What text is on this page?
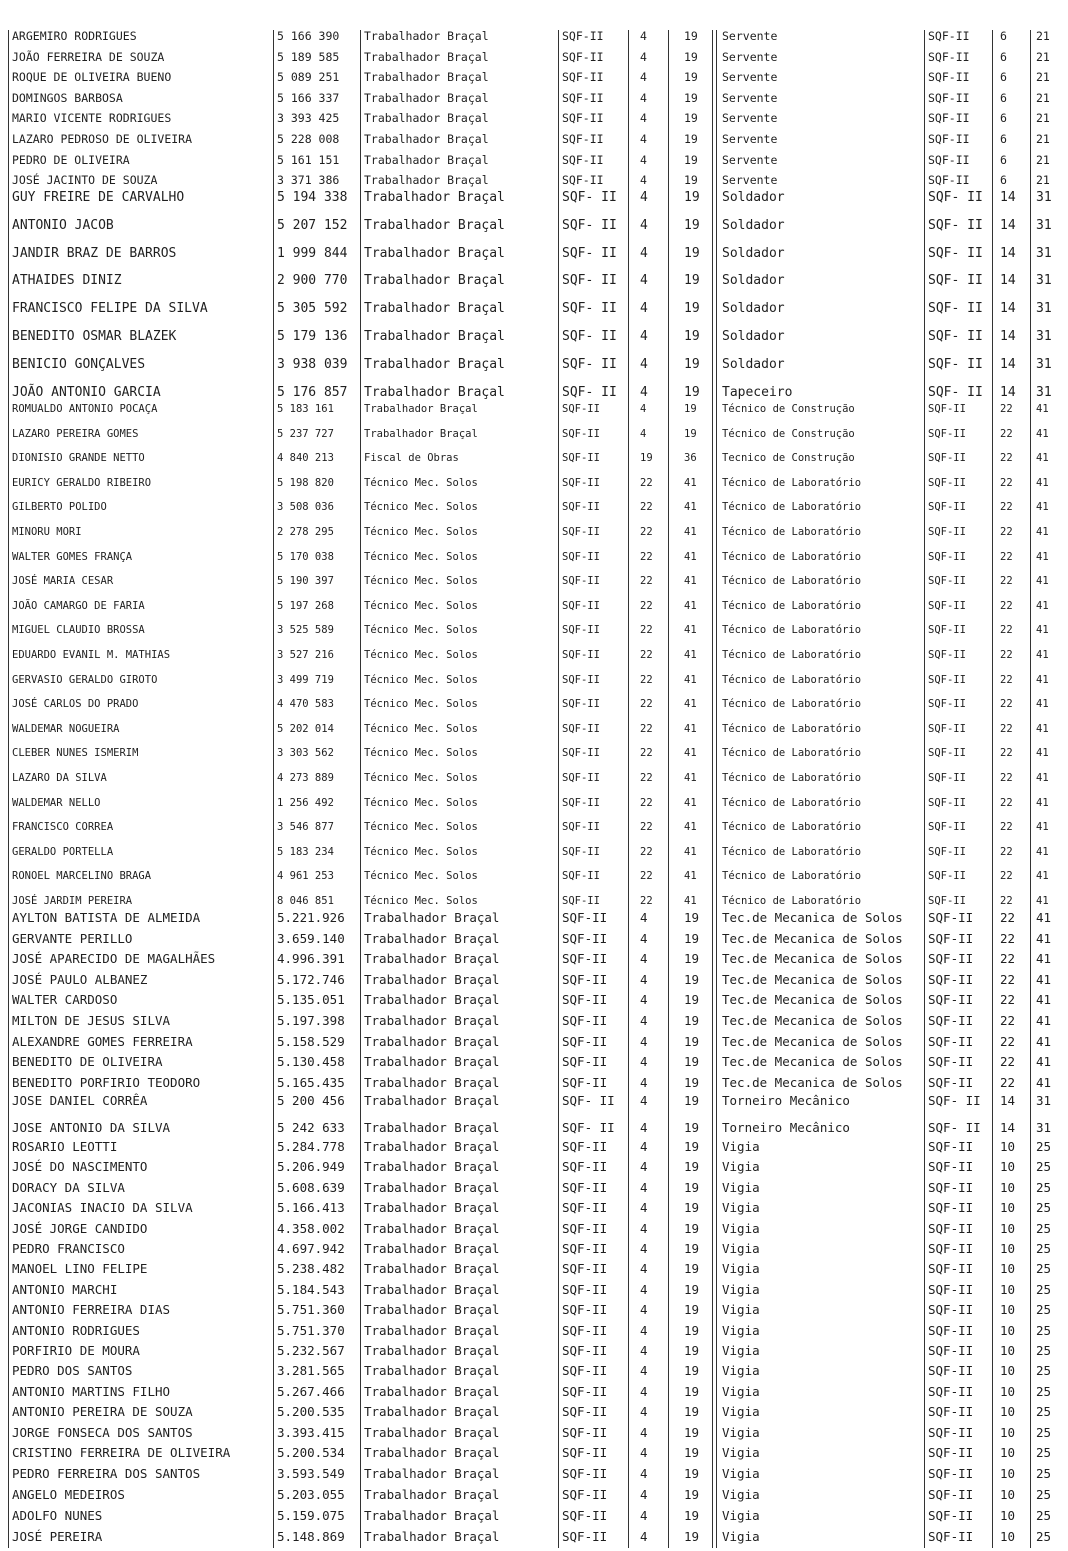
ARGEMIRO RODRIGUES	5 166 390 Trabalhador Braçal	SQF-II	4	19 Servente	SQF-II	6	21
JOÃO FERREIRA DE SOUZA	5 189 585 Trabalhador Braçal	SQF-II	4	19 Servente	SQF-II	6	21
ROQUE DE OLIVEIRA BUENO	5 089 251 Trabalhador Braçal	SQF-II	4	19 Servente	SQF-II	6	21
DOMINGOS BARBOSA	5 166 337 Trabalhador Braçal	SQF-II	4	19 Servente	SQF-II	6	21
MARIO VICENTE RODRIGUES	3 393 425 Trabalhador Braçal	SQF-II	4	19 Servente	SQF-II	6	21
LAZARO PEDROSO DE OLIVEIRA	5 228 008 Trabalhador Braçal	SQF-II	4	19 Servente	SQF-II	6	21
PEDRO DE OLIVEIRA	5 161 151 Trabalhador Braçal	SQF-II	4	19 Servente	SQF-II	6	21
JOSÉ JACINTO DE SOUZA	3 371 386 Trabalhador Braçal	SQF-II	4	19 Servente	SQF-II	6	21
GUY FREIRE DE CARVALHO	5 194 338 Trabalhador Braçal	SQF- II 4	19 Soldador	SQF- II 14 31
ANTONIO JACOB	5 207 152 Trabalhador Braçal	SQF- II 4	19 Soldador	SQF- II 14 31
JANDIR BRAZ DE BARROS	1 999 844 Trabalhador Braçal	SQF- II 4	19 Soldador	SQF- II 14 31
ATHAIDES DINIZ	2 900 770 Trabalhador Braçal	SQF- II 4	19 Soldador	SQF- II 14 31
FRANCISCO FELIPE DA SILVA	5 305 592 Trabalhador Braçal	SQF- II 4	19 Soldador	SQF- II 14 31
BENEDITO OSMAR BLAZEK	5 179 136 Trabalhador Braçal	SQF- II 4	19 Soldador	SQF- II 14 31
BENICIO GONÇALVES	3 938 039 Trabalhador Braçal	SQF- II 4	19 Soldador	SQF- II 14 31
JOÃO ANTONIO GARCIA	5 176 857 Trabalhador Braçal	SQF- II 4	19 Tapeceiro	SQF- II 14 31
ROMUALDO ANTONIO POCAÇA	5 183 161	Trabalhador Braçal	SQF-II	4	19 Técnico de Construção	SQF-II	22 41
LAZARO PEREIRA GOMES	5 237 727	Trabalhador Braçal	SQF-II	4	19 Técnico de Construção	SQF-II	22 41
DIONISIO GRANDE NETTO	4 840 213	Fiscal de Obras	SQF-II	19	36 Tecnico de Construção	SQF-II	22 41
EURICY GERALDO RIBEIRO	5 198 820	Técnico Mec. Solos	SQF-II	22	41 Técnico de Laboratório	SQF-II	22 41
GILBERTO POLIDO	3 508 036	Técnico Mec. Solos	SQF-II	22	41 Técnico de Laboratório	SQF-II	22 41
MINORU MORI	2 278 295	Técnico Mec. Solos	SQF-II	22	41 Técnico de Laboratório	SQF-II	22 41
WALTER GOMES FRANÇA	5 170 038	Técnico Mec. Solos	SQF-II	22	41 Técnico de Laboratório	SQF-II	22 41
JOSÉ MARIA CESAR	5 190 397	Técnico Mec. Solos	SQF-II	22	41 Técnico de Laboratório	SQF-II	22 41
JOÃO CAMARGO DE FARIA	5 197 268	Técnico Mec. Solos	SQF-II	22	41 Técnico de Laboratório	SQF-II	22 41
MIGUEL CLAUDIO BROSSA	3 525 589	Técnico Mec. Solos	SQF-II	22	41 Técnico de Laboratório	SQF-II	22 41
EDUARDO EVANIL M. MATHIAS	3 527 216	Técnico Mec. Solos	SQF-II	22	41 Técnico de Laboratório	SQF-II	22 41
GERVASIO GERALDO GIROTO	3 499 719	Técnico Mec. Solos	SQF-II	22	41 Técnico de Laboratório	SQF-II	22 41
JOSÉ CARLOS DO PRADO	4 470 583	Técnico Mec. Solos	SQF-II	22	41 Técnico de Laboratório	SQF-II	22 41
WALDEMAR NOGUEIRA	5 202 014	Técnico Mec. Solos	SQF-II	22	41 Técnico de Laboratório	SQF-II	22 41
CLEBER NUNES ISMERIM	3 303 562	Técnico Mec. Solos	SQF-II	22	41 Técnico de Laboratório	SQF-II	22 41
LAZARO DA SILVA	4 273 889	Técnico Mec. Solos	SQF-II	22	41 Técnico de Laboratório	SQF-II	22 41
WALDEMAR NELLO	1 256 492	Técnico Mec. Solos	SQF-II	22	41 Técnico de Laboratório	SQF-II	22 41
FRANCISCO CORREA	3 546 877	Técnico Mec. Solos	SQF-II	22	41 Técnico de Laboratório	SQF-II	22 41
GERALDO PORTELLA	5 183 234	Técnico Mec. Solos	SQF-II	22	41 Técnico de Laboratório	SQF-II	22 41
RONOEL MARCELINO BRAGA	4 961 253	Técnico Mec. Solos	SQF-II	22	41 Técnico de Laboratório	SQF-II	22 41
JOSÉ JARDIM PEREIRA	8 046 851	Técnico Mec. Solos	SQF-II	22	41 Técnico de Laboratório	SQF-II	22 41
AYLTON BATISTA DE ALMEIDA	5.221.926 Trabalhador Braçal	SQF-II	4	19 Tec.de Mecanica de Solos SQF-II 22 41
GERVANTE PERILLO	3.659.140 Trabalhador Braçal	SQF-II	4	19 Tec.de Mecanica de Solos SQF-II 22 41
JOSÉ APARECIDO DE MAGALHÃES	4.996.391 Trabalhador Braçal	SQF-II	4	19 Tec.de Mecanica de Solos SQF-II 22 41
JOSÉ PAULO ALBANEZ	5.172.746 Trabalhador Braçal	SQF-II	4	19 Tec.de Mecanica de Solos SQF-II 22 41
WALTER CARDOSO	5.135.051 Trabalhador Braçal	SQF-II	4	19 Tec.de Mecanica de Solos SQF-II 22 41
MILTON DE JESUS SILVA	5.197.398 Trabalhador Braçal	SQF-II	4	19 Tec.de Mecanica de Solos SQF-II 22 41
ALEXANDRE GOMES FERREIRA	5.158.529 Trabalhador Braçal	SQF-II	4	19 Tec.de Mecanica de Solos SQF-II 22 41
BENEDITO DE OLIVEIRA	5.130.458 Trabalhador Braçal	SQF-II	4	19 Tec.de Mecanica de Solos SQF-II 22 41
BENEDITO PORFIRIO TEODORO	5.165.435 Trabalhador Braçal	SQF-II	4	19 Tec.de Mecanica de Solos SQF-II 22 41
JOSE DANIEL CORRÊA	5 200 456 Trabalhador Braçal	SQF- II 4	19 Torneiro Mecânico	SQF- II 14 31
JOSE ANTONIO DA SILVA	5 242 633 Trabalhador Braçal	SQF- II 4	19 Torneiro Mecânico	SQF- II 14 31
ROSARIO LEOTTI	5.284.778 Trabalhador Braçal	SQF-II	4	19 Vigia	SQF-II 10 25
JOSÉ DO NASCIMENTO	5.206.949 Trabalhador Braçal	SQF-II	4	19 Vigia	SQF-II 10 25
DORACY DA SILVA	5.608.639 Trabalhador Braçal	SQF-II	4	19 Vigia	SQF-II 10 25
JACONIAS INACIO DA SILVA	5.166.413 Trabalhador Braçal	SQF-II	4	19 Vigia	SQF-II 10 25
JOSÉ JORGE CANDIDO	4.358.002 Trabalhador Braçal	SQF-II	4	19 Vigia	SQF-II 10 25
PEDRO FRANCISCO	4.697.942 Trabalhador Braçal	SQF-II	4	19 Vigia	SQF-II 10 25
MANOEL LINO FELIPE	5.238.482 Trabalhador Braçal	SQF-II	4	19 Vigia	SQF-II 10 25
ANTONIO MARCHI	5.184.543 Trabalhador Braçal	SQF-II	4	19 Vigia	SQF-II 10 25
ANTONIO FERREIRA DIAS	5.751.360 Trabalhador Braçal	SQF-II	4	19 Vigia	SQF-II 10 25
ANTONIO RODRIGUES	5.751.370 Trabalhador Braçal	SQF-II	4	19 Vigia	SQF-II 10 25
PORFIRIO DE MOURA	5.232.567 Trabalhador Braçal	SQF-II	4	19 Vigia	SQF-II 10 25
PEDRO DOS SANTOS	3.281.565 Trabalhador Braçal	SQF-II	4	19 Vigia	SQF-II 10 25
ANTONIO MARTINS FILHO	5.267.466 Trabalhador Braçal	SQF-II	4	19 Vigia	SQF-II 10 25
ANTONIO PEREIRA DE SOUZA	5.200.535 Trabalhador Braçal	SQF-II	4	19 Vigia	SQF-II 10 25
JORGE FONSECA DOS SANTOS	3.393.415 Trabalhador Braçal	SQF-II	4	19 Vigia	SQF-II 10 25
CRISTINO FERREIRA DE OLIVEIRA	5.200.534 Trabalhador Braçal	SQF-II	4	19 Vigia	SQF-II 10 25
PEDRO FERREIRA DOS SANTOS	3.593.549 Trabalhador Braçal	SQF-II	4	19 Vigia	SQF-II 10 25
ANGELO MEDEIROS	5.203.055 Trabalhador Braçal	SQF-II	4	19 Vigia	SQF-II 10 25
ADOLFO NUNES	5.159.075 Trabalhador Braçal	SQF-II	4	19 Vigia	SQF-II 10 25
JOSÉ PEREIRA	5.148.869 Trabalhador Braçal	SQF-II	4	19 Vigia	SQF-II 10 25
